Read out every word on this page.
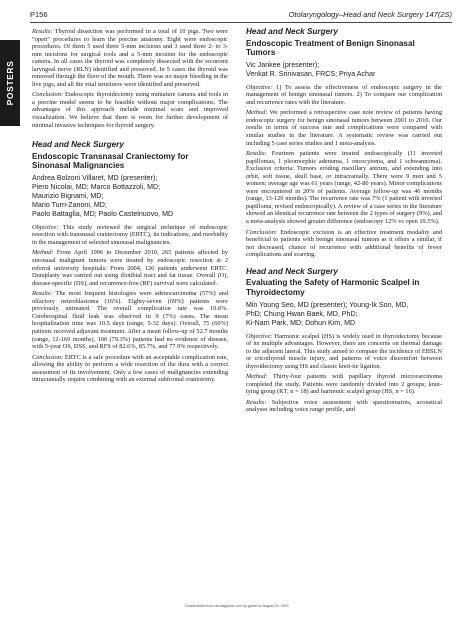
P156	Otolaryngology–Head and Neck Surgery 147(2S)
POSTERS

Results: Thyroid dissection was performed in a total of 10 pigs. Two were “open” procedures to learn the porcine anatomy. Eight were endoscopic procedures. Of them 5 used three 5-mm incisions and 3 used three 2- to 3-mm incisions for surgical tools and a 5-mm incision for the endoscopic camera. In all cases the thyroid was completely dissected with the recurrent laryngeal nerve (RLN) identified and preserved. In 5 cases the thyroid was removed through the floor of the mouth. There was no major bleeding in the live pigs, and all the vital structures were identified and preserved.

Conclusion: Endoscopic thyroidectomy using miniature camera and tools in a porcine model seems to be feasible without major complications. The advantages of this approach include minimal scars and improved visualization. We believe that there is room for further development of minimal invasive techniques for thyroid surgery.

Head and Neck Surgery
Endoscopic Transnasal Craniectomy for Sinonasal Malignancies
Andrea Bolzoni Villaret, MD (presenter);
Piero Nicolai, MD; Marco Bottazzoli, MD;
Maurizio Bignami, MD;
Mario Turri-Zanoni, MD;
Paolo Battaglia, MD; Paolo Castelnuovo, MD

Objective: This study reviewed the surgical technique of endoscopic resection with transnasal craniectomy (ERTC), its indications, and morbidity in the management of selected sinonasal malignancies.

Method: From April 1996 to December 2010, 265 patients affected by sinonasal malignant tumors were treated by endoscopic resection at 2 referral university hospitals: From 2004, 126 patients underwent ERTC. Duraplasty was carried out using iliotibial tract and fat tissue. Overall (O), disease-specific (DS), and recurrence-free (RF) survival were calculated.

Results: The most frequent histologies were adenocarcinoma (57%) and olfactory neuroblastoma (16%). Eighty-seven (69%) patients were previously untreated. The overall complication rate was 10.6%. Cerebrospinal fluid leak was observed in 9 (7%) cases. The mean hospitalization time was 10.5 days (range, 5-32 days). Overall, 75 (60%) patients received adjuvant treatment. After a mean follow-up of 52.7 months (range, 12-169 months), 100 (79.3%) patients had no evidence of disease, with 5-year OS, DSS, and RFS of 82.6%, 85.7%, and 77.9% respectively.

Conclusion: ERTC is a safe procedure with an acceptable complication rate, allowing the ability to perform a wide resection of the dura with a correct assessment of its involvement. Only a few cases of malignancies extending intracranially require combining with an external subfrontal craniotomy.

Head and Neck Surgery
Endoscopic Treatment of Benign Sinonasal Tumors
Vic Jankee (presenter);
Venkat R. Srinivasan, FRCS; Priya Achar

Objective: 1) To assess the effectiveness of endoscopic surgery in the management of benign sinonasal tumors. 2) To compare our complication and recurrence rates with the literature.

Method: We performed a retrospective case note review of patients having endoscopic surgery for benign sinonasal tumors between 2001 to 2010. Our results in terms of success rate and complications were compared with similar studies in the literature. A systematic review was carried out including 5 case series studies and 1 meta-analysis.

Results: Fourteen patients were treated endoscopically (11 inverted papillomas, 1 pleomorphic adenoma, 1 oncocytoma, and 1 schwannoma). Exclusion criteria: Tumors eroding maxillary antrum, and extending into orbit, soft tissue, skull base, or intracranially. There were 9 men and 5 women; average age was 61 years (range, 42-80 years). Minor complications were encountered in 20% of patients. Average follow-up was 46 months (range, 13-120 months). The recurrence rate was 7% (1 patient with inverted papilloma, revised endoscopically). A review of a case series in the literature showed an identical recurrence rate between the 2 types of surgery (9%), and a meta-analysis showed greater difference (endoscopy 12% vs open 19.5%).

Conclusion: Endoscopic excision is an effective treatment modality and beneficial to patients with benign sinonasal tumors as it offers a similar, if not decreased, chance of recurrence with additional benefits of fewer complications and scarring.

Head and Neck Surgery
Evaluating the Safety of Harmonic Scalpel in Thyroidectomy
Min Young Seo, MD (presenter); Young-Ik Son, MD,
PhD; Chung Hwan Baek, MD, PhD;
Ki-Nam Park, MD; Dohun Kim, MD

Objective: Harmonic scalpel (HS) is widely used in thyroidectomy because of its multiple advantages. However, there are concerns on thermal damage to the adjacent lateral. This study aimed to compare the incidence of EBSLN or cricothyroid muscle injury, and patterns of voice discomfort between thyroidectomy using HS and classic knot-tie ligation.

Method: Thirty-four patients with papillary thyroid microcarcinoma completed the study. Patients were randomly divided into 2 groups; knot-tying group (KT, n = 18) and harmonic scalpel group (HS, n = 16).

Results: Subjective voice assessment with questionnaires, acoustical analyses including voice range profile, and

Downloaded from oto.sagepub.com by guest on August 20, 2015
